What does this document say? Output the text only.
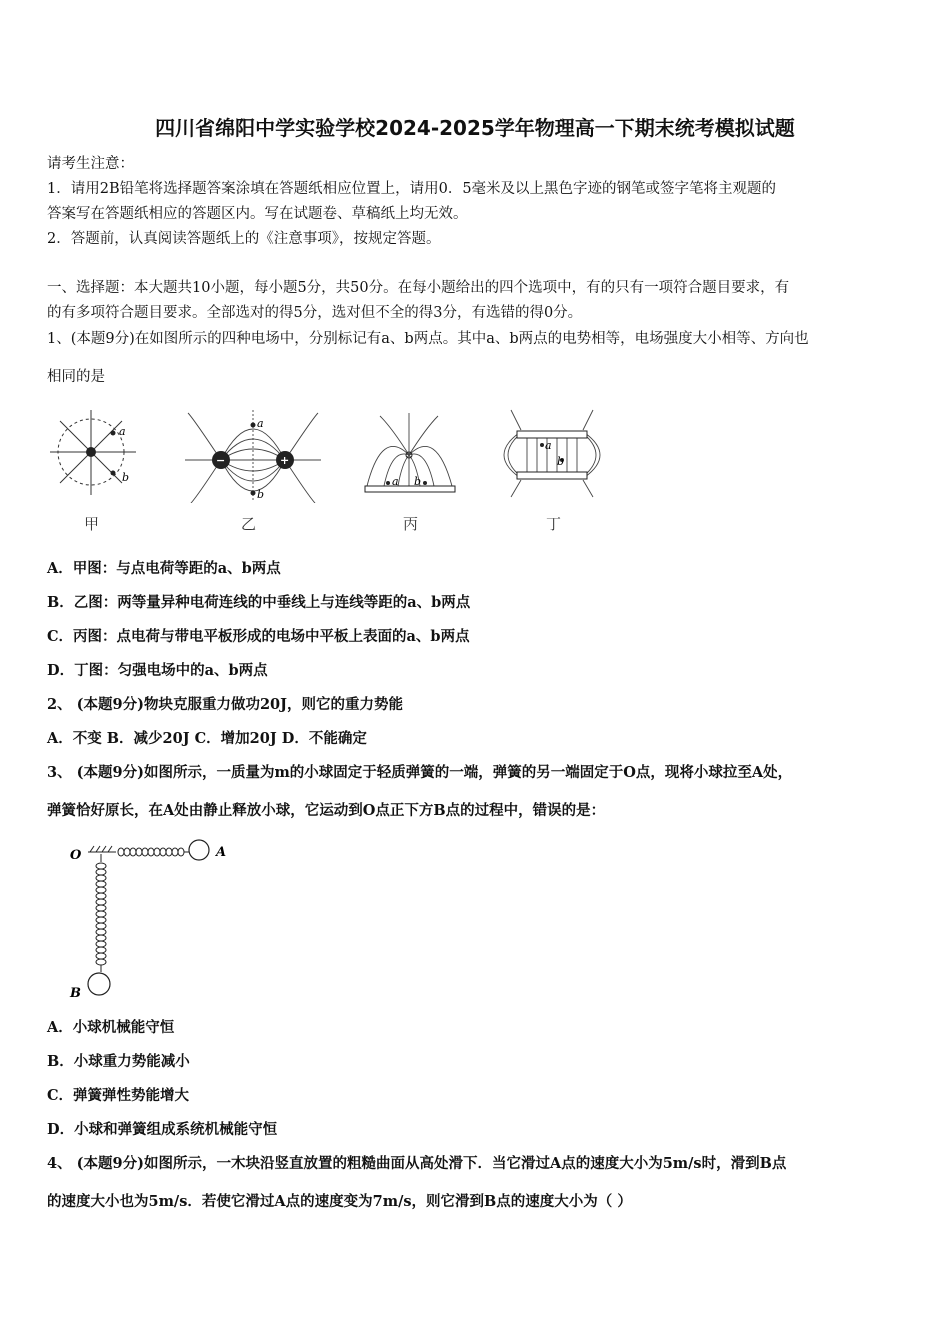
四川省绵阳中学实验学校2024-2025学年物理高一下期末统考模拟试题
请考生注意：
1．请用2B铅笔将选择题答案涂填在答题纸相应位置上，请用0．5毫米及以上黑色字迹的钢笔或签字笔将主观题的
答案写在答题纸相应的答题区内。写在试题卷、草稿纸上均无效。
2．答题前，认真阅读答题纸上的《注意事项》，按规定答题。
一、选择题：本大题共10小题，每小题5分，共50分。在每小题给出的四个选项中，有的只有一项符合题目要求，有
的有多项符合题目要求。全部选对的得5分，选对但不全的得3分，有选错的得0分。
1、(本题9分)在如图所示的四种电场中，分别标记有a、b两点。其中a、b两点的电势相等，电场强度大小相等、方向也
相同的是
a
b
甲
−	+
a
b
乙
a b
丙
a
b
丁
A．甲图：与点电荷等距的a、b两点
B．乙图：两等量异种电荷连线的中垂线上与连线等距的a、b两点
C．丙图：点电荷与带电平板形成的电场中平板上表面的a、b两点
D．丁图：匀强电场中的a、b两点
2、 (本题9分)物块克服重力做功20J，则它的重力势能
A．不变 B．减少20J C．增加20J D．不能确定
3、 (本题9分)如图所示，一质量为m的小球固定于轻质弹簧的一端，弹簧的另一端固定于O点，现将小球拉至A处，
弹簧恰好原长，在A处由静止释放小球，它运动到O点正下方B点的过程中，错误的是：
O	A
B
A．小球机械能守恒
B．小球重力势能减小
C．弹簧弹性势能增大
D．小球和弹簧组成系统机械能守恒
4、 (本题9分)如图所示，一木块沿竖直放置的粗糙曲面从高处滑下．当它滑过A点的速度大小为5m/s时，滑到B点
的速度大小也为5m/s．若使它滑过A点的速度变为7m/s，则它滑到B点的速度大小为（ ）
